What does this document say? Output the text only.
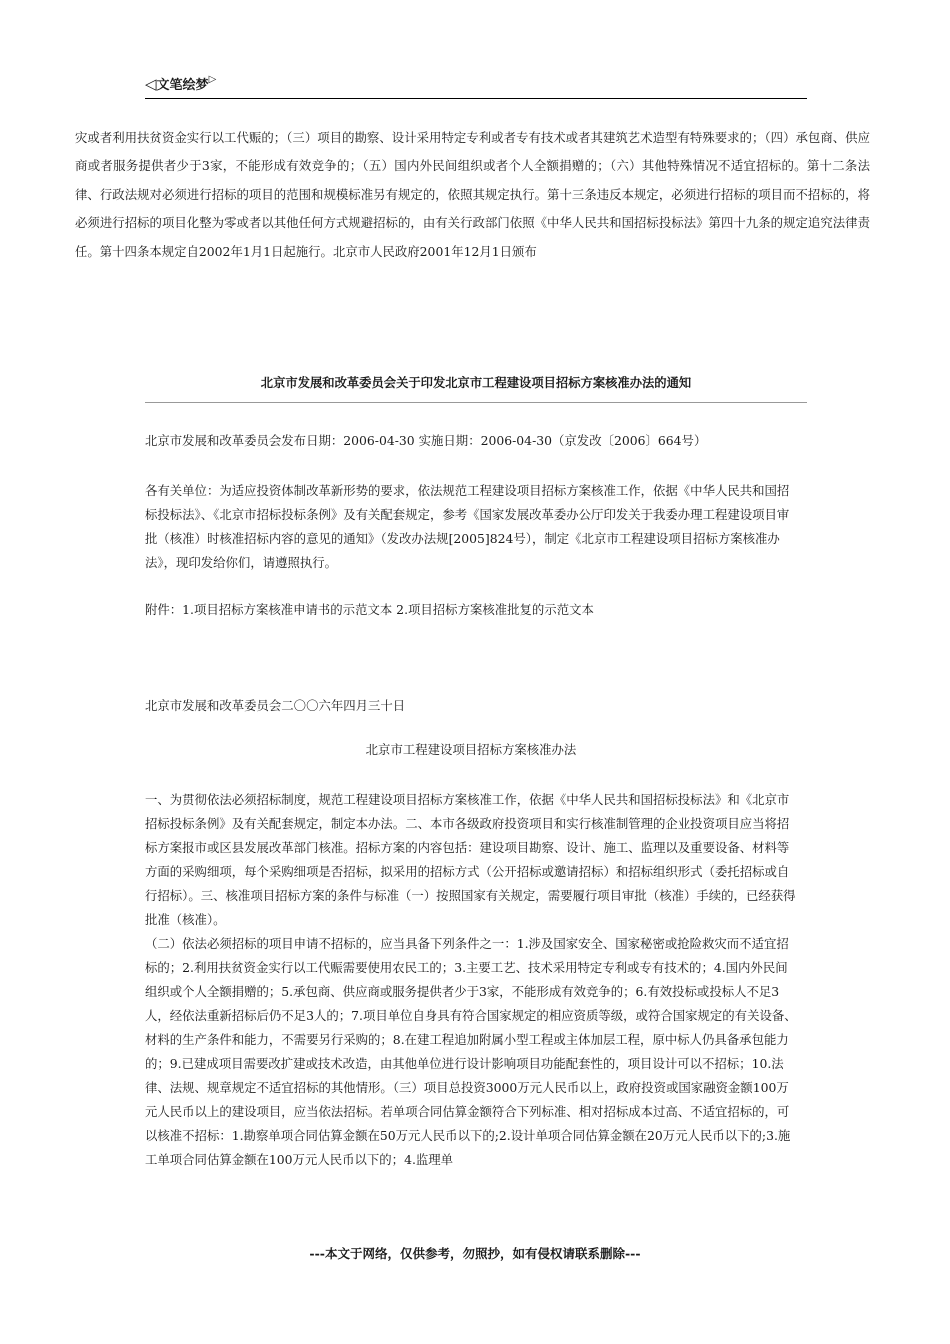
◁ 文笔绘梦 ▷
灾或者利用扶贫资金实行以工代赈的；（三）项目的勘察、设计采用特定专利或者专有技术或者其建筑艺术造型有特殊要求的；（四）承包商、供应商或者服务提供者少于3家，不能形成有效竞争的；（五）国内外民间组织或者个人全额捐赠的；（六）其他特殊情况不适宜招标的。第十二条法律、行政法规对必须进行招标的项目的范围和规模标准另有规定的，依照其规定执行。第十三条违反本规定，必须进行招标的项目而不招标的，将必须进行招标的项目化整为零或者以其他任何方式规避招标的，由有关行政部门依照《中华人民共和国招标投标法》第四十九条的规定追究法律责任。第十四条本规定自2002年1月1日起施行。北京市人民政府2001年12月1日颁布
北京市发展和改革委员会关于印发北京市工程建设项目招标方案核准办法的通知
北京市发展和改革委员会发布日期：2006-04-30 实施日期：2006-04-30（京发改〔2006〕664号）
各有关单位：为适应投资体制改革新形势的要求，依法规范工程建设项目招标方案核准工作，依据《中华人民共和国招标投标法》、《北京市招标投标条例》及有关配套规定，参考《国家发展改革委办公厅印发关于我委办理工程建设项目审批（核准）时核准招标内容的意见的通知》（发改办法规[2005]824号），制定《北京市工程建设项目招标方案核准办法》，现印发给你们，请遵照执行。
附件：1.项目招标方案核准申请书的示范文本 2.项目招标方案核准批复的示范文本
北京市发展和改革委员会二〇〇六年四月三十日
北京市工程建设项目招标方案核准办法
一、为贯彻依法必须招标制度，规范工程建设项目招标方案核准工作，依据《中华人民共和国招标投标法》和《北京市招标投标条例》及有关配套规定，制定本办法。二、本市各级政府投资项目和实行核准制管理的企业投资项目应当将招标方案报市或区县发展改革部门核准。招标方案的内容包括：建设项目勘察、设计、施工、监理以及重要设备、材料等方面的采购细项，每个采购细项是否招标，拟采用的招标方式（公开招标或邀请招标）和招标组织形式（委托招标或自行招标）。三、核准项目招标方案的条件与标准（一）按照国家有关规定，需要履行项目审批（核准）手续的，已经获得批准（核准）。
（二）依法必须招标的项目申请不招标的，应当具备下列条件之一：1.涉及国家安全、国家秘密或抢险救灾而不适宜招标的；2.利用扶贫资金实行以工代赈需要使用农民工的；3.主要工艺、技术采用特定专利或专有技术的；4.国内外民间组织或个人全额捐赠的；5.承包商、供应商或服务提供者少于3家，不能形成有效竞争的；6.有效投标或投标人不足3人，经依法重新招标后仍不足3人的；7.项目单位自身具有符合国家规定的相应资质等级，或符合国家规定的有关设备、材料的生产条件和能力，不需要另行采购的；8.在建工程追加附属小型工程或主体加层工程，原中标人仍具备承包能力的；9.已建成项目需要改扩建或技术改造，由其他单位进行设计影响项目功能配套性的，项目设计可以不招标；10.法律、法规、规章规定不适宜招标的其他情形。（三）项目总投资3000万元人民币以上，政府投资或国家融资金额100万元人民币以上的建设项目，应当依法招标。若单项合同估算金额符合下列标准、相对招标成本过高、不适宜招标的，可以核准不招标：1.勘察单项合同估算金额在50万元人民币以下的;2.设计单项合同估算金额在20万元人民币以下的;3.施工单项合同估算金额在100万元人民币以下的；4.监理单
---本文于网络，仅供参考，勿照抄，如有侵权请联系删除---
